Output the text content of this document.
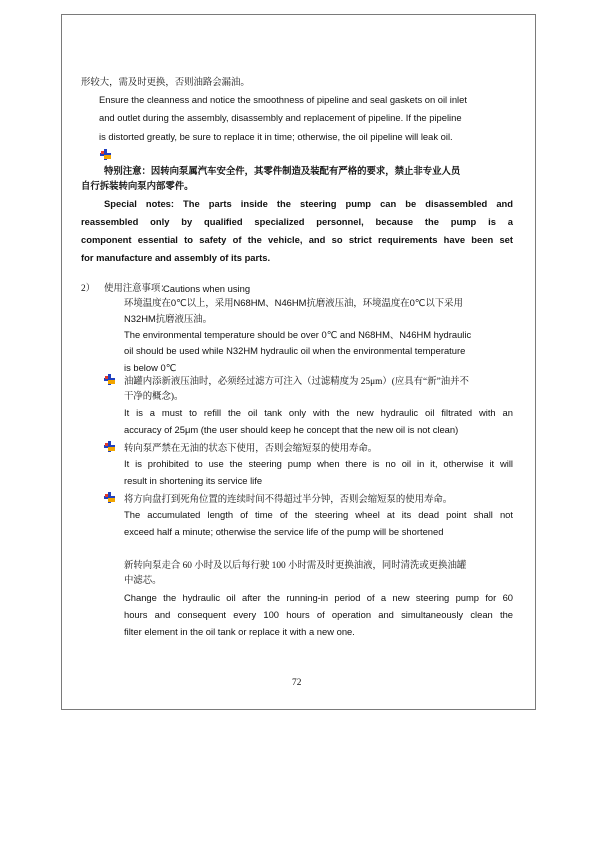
形较大，需及时更换，否则油路会漏油。
Ensure the cleanness and notice the smoothness of pipeline and seal gaskets on oil inlet
and outlet during the assembly, disassembly and replacement of pipeline. If the pipeline
is distorted greatly, be sure to replace it in time; otherwise, the oil pipeline will leak oil.
特别注意：因转向泵属汽车安全件，其零件制造及装配有严格的要求，禁止非专业人员
自行拆装转向泵内部零件。
Special notes: The parts inside the steering pump can be disassembled and
reassembled only by qualified specialized personnel, because the pump is a
component essential to safety of the vehicle, and so strict requirements have been set
for manufacture and assembly of its parts.
2） 使用注意事项：
Cautions when using
环境温度在0℃以上，采用N68HM、N46HM抗磨液压油，环境温度在0℃以下采用
N32HM抗磨液压油。
The environmental temperature should be over 0℃ and N68HM、N46HM hydraulic
oil should be used while N32HM hydraulic oil when the environmental temperature
is below 0℃
油罐内添新液压油时，必须经过滤方可注入（过滤精度为 25μm）(应具有“新”油并不
干净的概念)。
It is a must to refill the oil tank only with the new hydraulic oil filtrated with an
accuracy of 25μm (the user should keep he concept that the new oil is not clean)
转向泵严禁在无油的状态下使用，否则会缩短泵的使用寿命。
It is prohibited to use the steering pump when there is no oil in it, otherwise it will
result in shortening its service life
将方向盘打到死角位置的连续时间不得超过半分钟，否则会缩短泵的使用寿命。
The accumulated length of time of the steering wheel at its dead point shall not
exceed half a minute; otherwise the service life of the pump will be shortened
新转向泵走合 60 小时及以后每行驶 100 小时需及时更换油液，同时清洗或更换油罐
中滤芯。
Change the hydraulic oil after the running-in period of a new steering pump for 60
hours and consequent every 100 hours of operation and simultaneously clean the
filter element in the oil tank or replace it with a new one.
72
